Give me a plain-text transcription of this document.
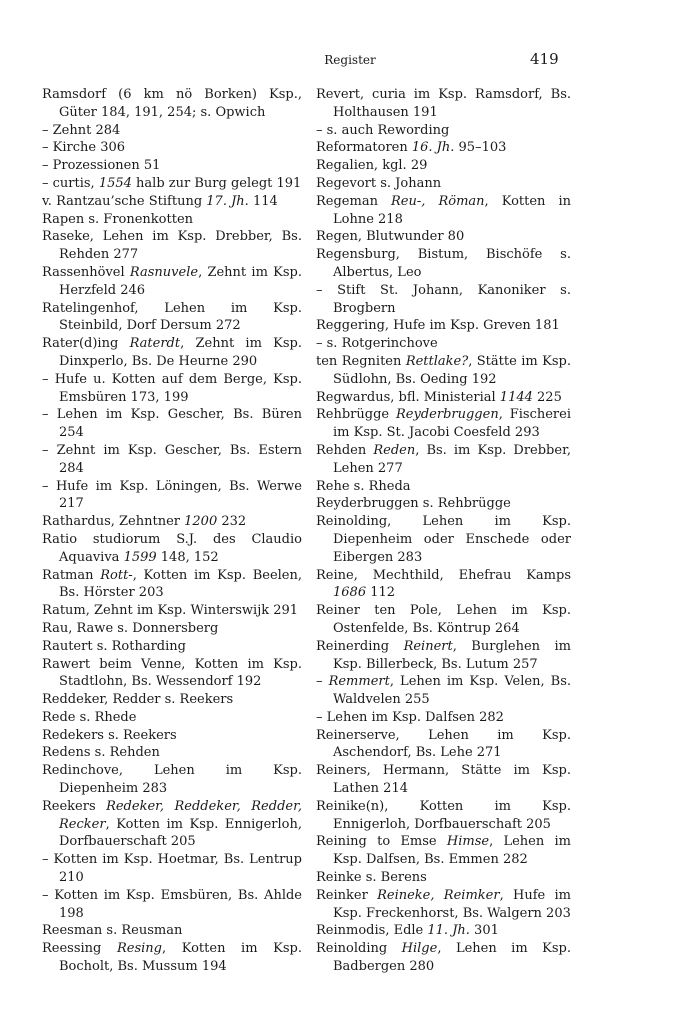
Register	419
Ramsdorf (6 km nö Borken) Ksp., Güter 184, 191, 254; s. Opwich
– Zehnt 284
– Kirche 306
– Prozessionen 51
– curtis, 1554 halb zur Burg gelegt 191
v. Rantzau’sche Stiftung 17. Jh. 114
Rapen s. Fronenkotten
Raseke, Lehen im Ksp. Drebber, Bs. Rehden 277
Rassenhövel Rasnuvele, Zehnt im Ksp. Herzfeld 246
Ratelingenhof, Lehen im Ksp. Steinbild, Dorf Dersum 272
Rater(d)ing Raterdt, Zehnt im Ksp. Dinxperlo, Bs. De Heurne 290
– Hufe u. Kotten auf dem Berge, Ksp. Emsbüren 173, 199
– Lehen im Ksp. Gescher, Bs. Büren 254
– Zehnt im Ksp. Gescher, Bs. Estern 284
– Hufe im Ksp. Löningen, Bs. Werwe 217
Rathardus, Zehntner 1200 232
Ratio studiorum S.J. des Claudio Aquaviva 1599 148, 152
Ratman Rott-, Kotten im Ksp. Beelen, Bs. Hörster 203
Ratum, Zehnt im Ksp. Winterswijk 291
Rau, Rawe s. Donnersberg
Rautert s. Rotharding
Rawert beim Venne, Kotten im Ksp. Stadtlohn, Bs. Wessendorf 192
Reddeker, Redder s. Reekers
Rede s. Rhede
Redekers s. Reekers
Redens s. Rehden
Redinchove, Lehen im Ksp. Diepenheim 283
Reekers Redeker, Reddeker, Redder, Recker, Kotten im Ksp. Ennigerloh, Dorfbauerschaft 205
– Kotten im Ksp. Hoetmar, Bs. Lentrup 210
– Kotten im Ksp. Emsbüren, Bs. Ahlde 198
Reesman s. Reusman
Reessing Resing, Kotten im Ksp. Bocholt, Bs. Mussum 194
Revert, curia im Ksp. Ramsdorf, Bs. Holthausen 191
– s. auch Rewording
Reformatoren 16. Jh. 95–103
Regalien, kgl. 29
Regevort s. Johann
Regeman Reu-, Röman, Kotten in Lohne 218
Regen, Blutwunder 80
Regensburg, Bistum, Bischöfe s. Albertus, Leo
– Stift St. Johann, Kanoniker s. Brogbern
Reggering, Hufe im Ksp. Greven 181
– s. Rotgerinchove
ten Regniten Rettlake?, Stätte im Ksp. Südlohn, Bs. Oeding 192
Regwardus, bfl. Ministerial 1144 225
Rehbrügge Reyderbruggen, Fischerei im Ksp. St. Jacobi Coesfeld 293
Rehden Reden, Bs. im Ksp. Drebber, Lehen 277
Rehe s. Rheda
Reyderbruggen s. Rehbrügge
Reinolding, Lehen im Ksp. Diepenheim oder Enschede oder Eibergen 283
Reine, Mechthild, Ehefrau Kamps 1686 112
Reiner ten Pole, Lehen im Ksp. Ostenfelde, Bs. Köntrup 264
Reinerding Reinert, Burglehen im Ksp. Billerbeck, Bs. Lutum 257
– Remmert, Lehen im Ksp. Velen, Bs. Waldvelen 255
– Lehen im Ksp. Dalfsen 282
Reinerserve, Lehen im Ksp. Aschendorf, Bs. Lehe 271
Reiners, Hermann, Stätte im Ksp. Lathen 214
Reinike(n), Kotten im Ksp. Ennigerloh, Dorfbauerschaft 205
Reining to Emse Himse, Lehen im Ksp. Dalfsen, Bs. Emmen 282
Reinke s. Berens
Reinker Reineke, Reimker, Hufe im Ksp. Freckenhorst, Bs. Walgern 203
Reinmodis, Edle 11. Jh. 301
Reinolding Hilge, Lehen im Ksp. Badbergen 280
